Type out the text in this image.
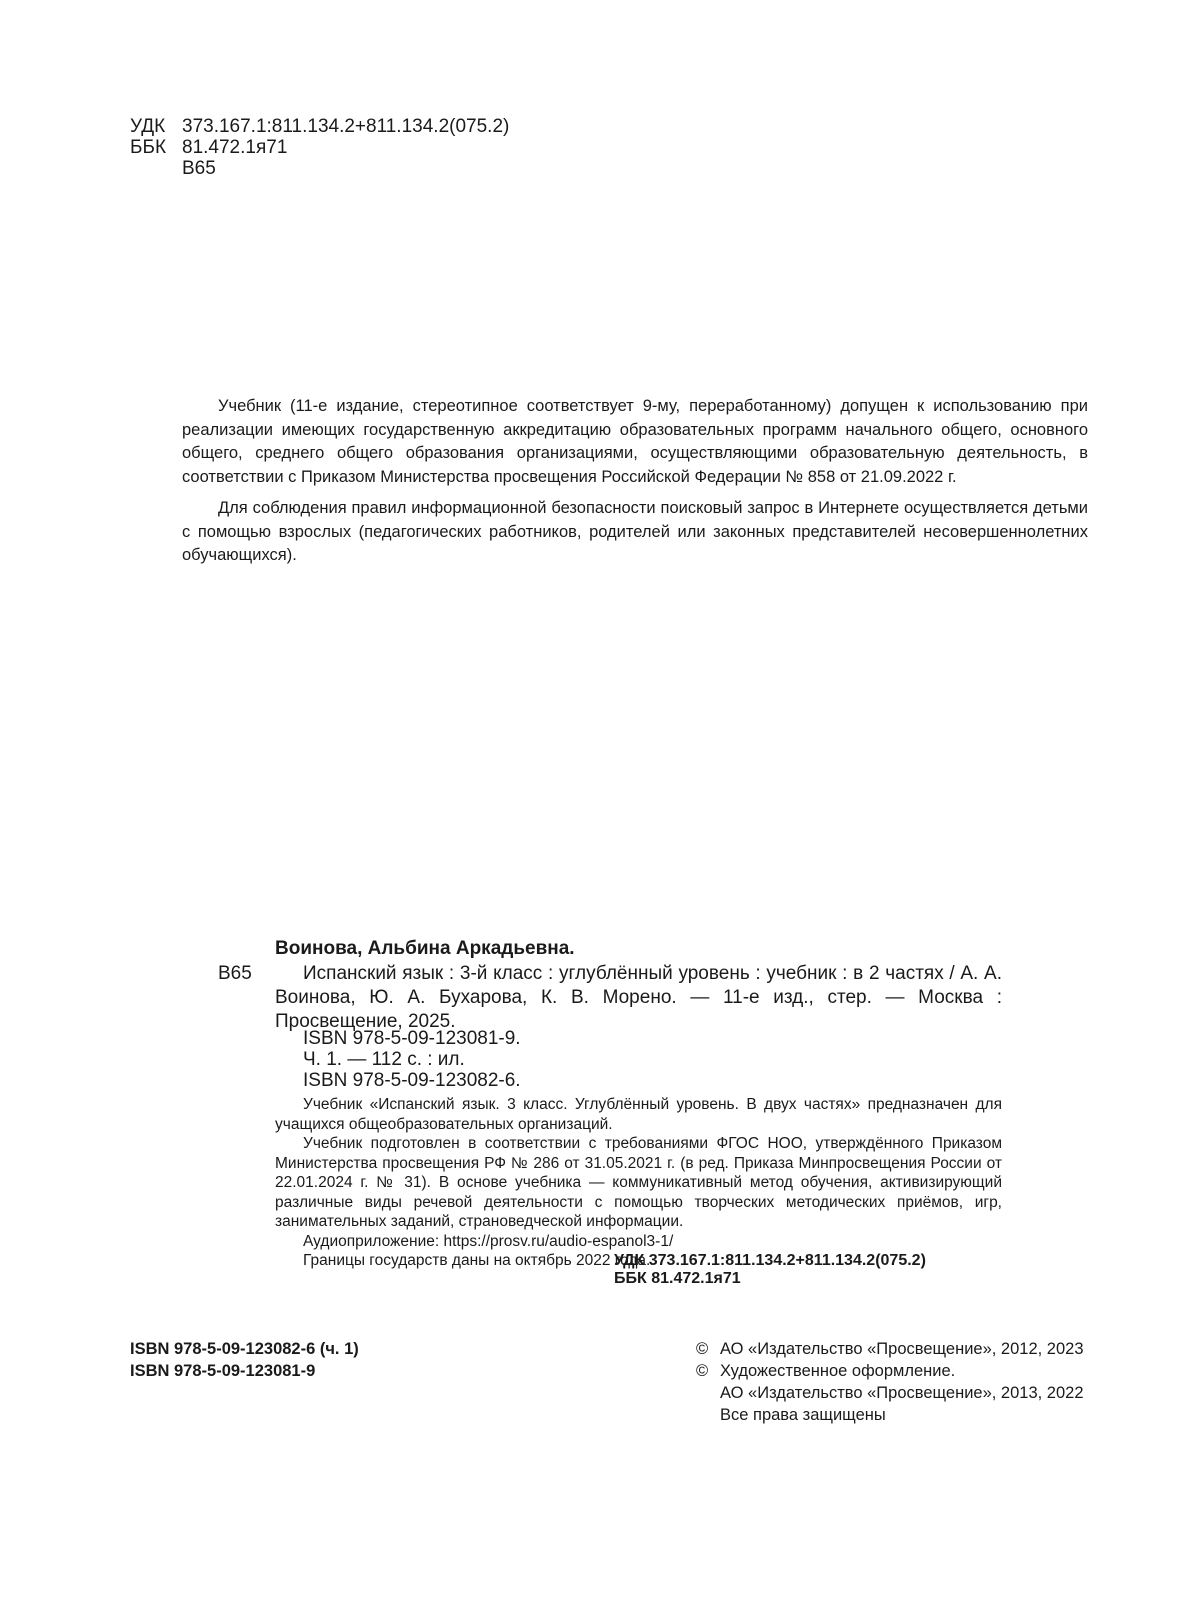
УДК 373.167.1:811.134.2+811.134.2(075.2)
ББК 81.472.1я71
В65

Учебник (11-е издание, стереотипное соответствует 9-му, переработанному) допущен к использованию при реализации имеющих государственную аккредитацию образовательных программ начального общего, основного общего, среднего общего образования организациями, осуществляющими образовательную деятельность, в соответствии с Приказом Министерства просвещения Российской Федерации № 858 от 21.09.2022 г.

Для соблюдения правил информационной безопасности поисковый запрос в Интернете осуществляется детьми с помощью взрослых (педагогических работников, родителей или законных представителей несовершеннолетних обучающихся).

Воинова, Альбина Аркадьевна.
В65	Испанский язык : 3-й класс : углублённый уровень : учебник : в 2 частях / А. А. Воинова, Ю. А. Бухарова, К. В. Морено. — 11-е изд., стер. — Москва : Просвещение, 2025.

ISBN 978-5-09-123081-9.
Ч. 1. — 112 с. : ил.
ISBN 978-5-09-123082-6.

Учебник «Испанский язык. 3 класс. Углублённый уровень. В двух частях» предназначен для учащихся общеобразовательных организаций.

Учебник подготовлен в соответствии с требованиями ФГОС НОО, утверждённого Приказом Министерства просвещения РФ № 286 от 31.05.2021 г. (в ред. Приказа Минпросвещения России от 22.01.2024 г. № 31). В основе учебника — коммуникативный метод обучения, активизирующий различные виды речевой деятельности с помощью творческих методических приёмов, игр, занимательных заданий, страноведческой информации.

Аудиоприложение: https://prosv.ru/audio-espanol3-1/

Границы государств даны на октябрь 2022 года.

УДК 373.167.1:811.134.2+811.134.2(075.2)
ББК 81.472.1я71
ISBN 978-5-09-123082-6 (ч. 1)
ISBN 978-5-09-123081-9
© АО «Издательство «Просвещение», 2012, 2023
© Художественное оформление.
АО «Издательство «Просвещение», 2013, 2022
Все права защищены
